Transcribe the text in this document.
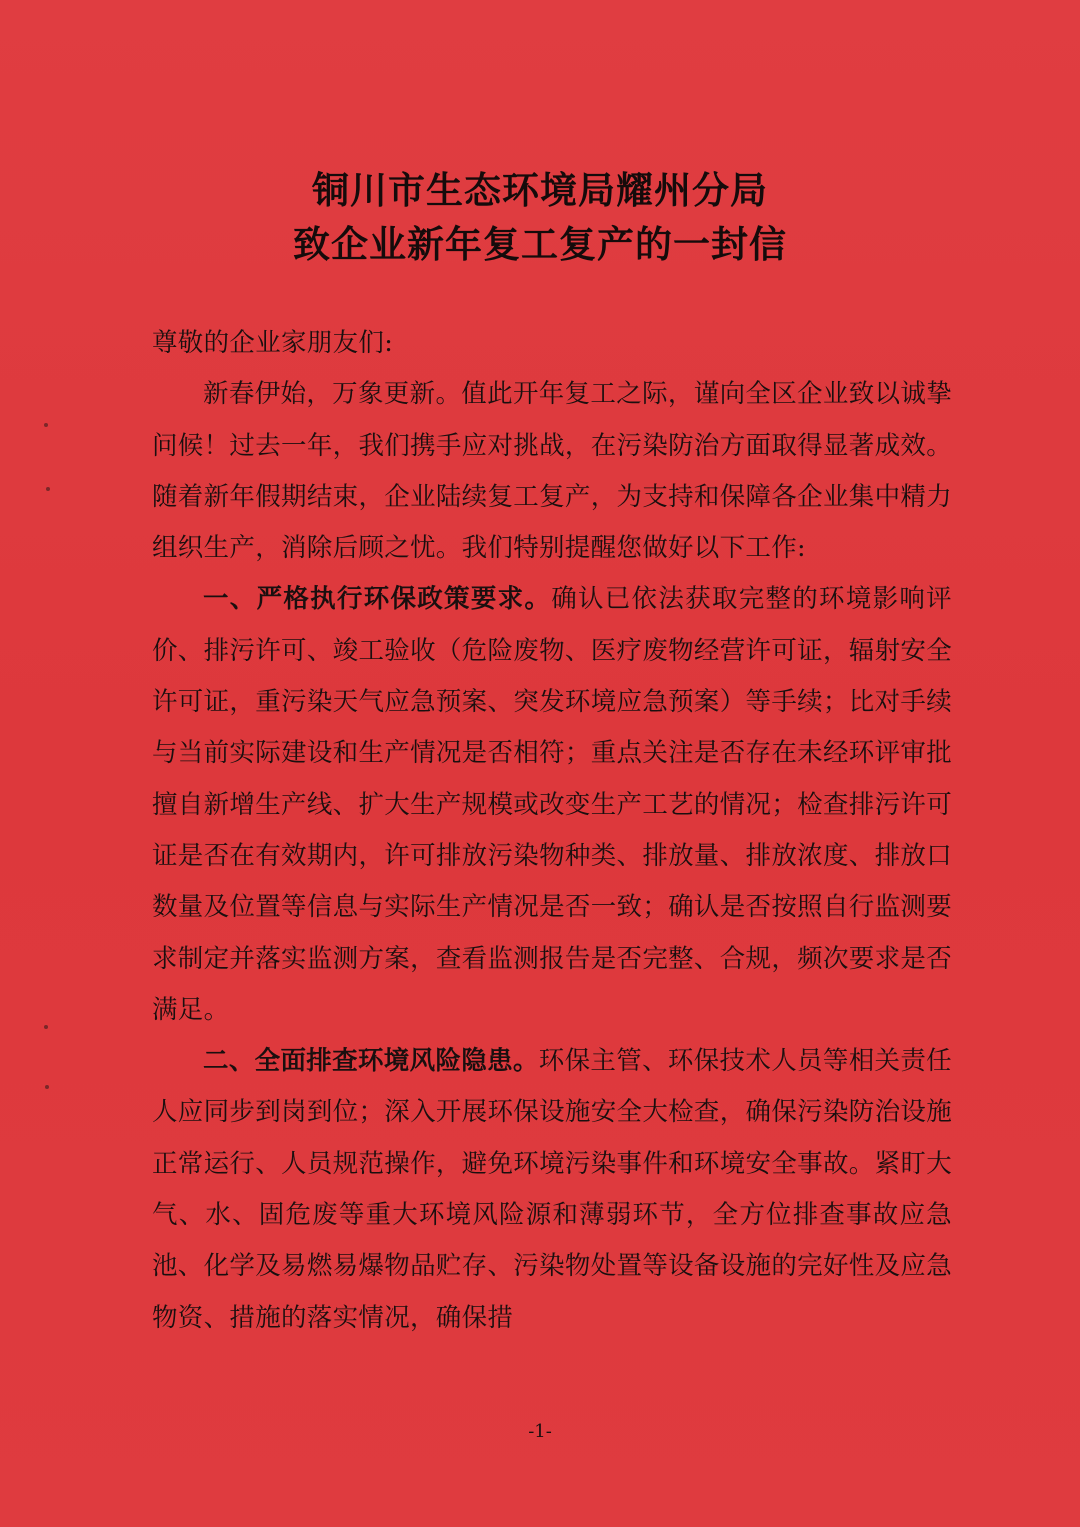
铜川市生态环境局耀州分局
致企业新年复工复产的一封信

尊敬的企业家朋友们:

新春伊始，万象更新。值此开年复工之际，谨向全区企业致以诚挚问候！过去一年，我们携手应对挑战，在污染防治方面取得显著成效。随着新年假期结束，企业陆续复工复产，为支持和保障各企业集中精力组织生产，消除后顾之忧。我们特别提醒您做好以下工作:

一、严格执行环保政策要求。确认已依法获取完整的环境影响评价、排污许可、竣工验收（危险废物、医疗废物经营许可证，辐射安全许可证，重污染天气应急预案、突发环境应急预案）等手续；比对手续与当前实际建设和生产情况是否相符；重点关注是否存在未经环评审批擅自新增生产线、扩大生产规模或改变生产工艺的情况；检查排污许可证是否在有效期内，许可排放污染物种类、排放量、排放浓度、排放口数量及位置等信息与实际生产情况是否一致；确认是否按照自行监测要求制定并落实监测方案，查看监测报告是否完整、合规，频次要求是否满足。

二、全面排查环境风险隐患。环保主管、环保技术人员等相关责任人应同步到岗到位；深入开展环保设施安全大检查，确保污染防治设施正常运行、人员规范操作，避免环境污染事件和环境安全事故。紧盯大气、水、固危废等重大环境风险源和薄弱环节，全方位排查事故应急池、化学及易燃易爆物品贮存、污染物处置等设备设施的完好性及应急物资、措施的落实情况，确保措

-1-
